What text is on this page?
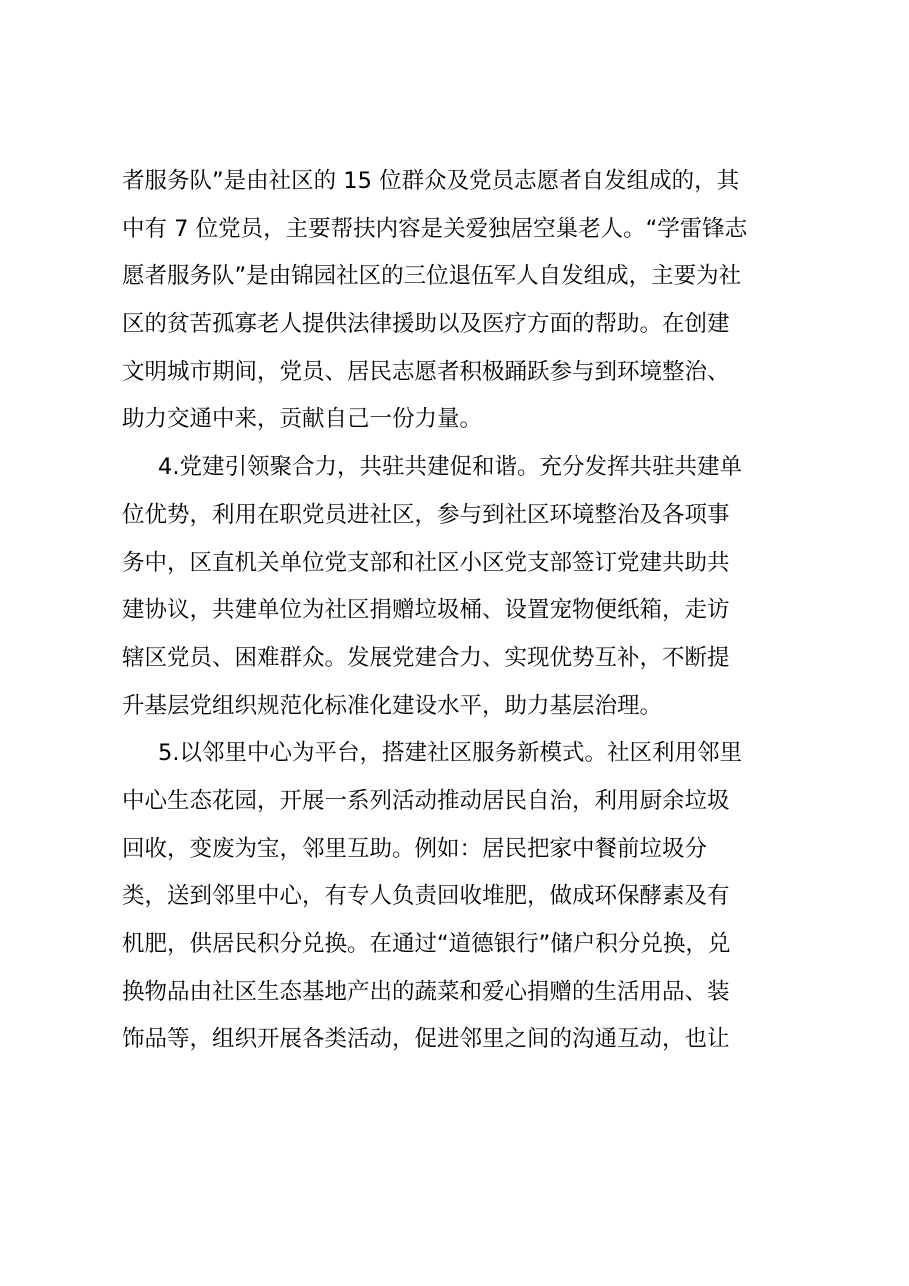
者服务队”是由社区的 15 位群众及党员志愿者自发组成的，其
中有 7 位党员，主要帮扶内容是关爱独居空巢老人。“学雷锋志
愿者服务队”是由锦园社区的三位退伍军人自发组成，主要为社
区的贫苦孤寡老人提供法律援助以及医疗方面的帮助。在创建
文明城市期间，党员、居民志愿者积极踊跃参与到环境整治、
助力交通中来，贡献自己一份力量。
4.党建引领聚合力，共驻共建促和谐。充分发挥共驻共建单
位优势，利用在职党员进社区，参与到社区环境整治及各项事
务中，区直机关单位党支部和社区小区党支部签订党建共助共
建协议，共建单位为社区捐赠垃圾桶、设置宠物便纸箱，走访
辖区党员、困难群众。发展党建合力、实现优势互补，不断提
升基层党组织规范化标准化建设水平，助力基层治理。
5.以邻里中心为平台，搭建社区服务新模式。社区利用邻里
中心生态花园，开展一系列活动推动居民自治，利用厨余垃圾
回收，变废为宝，邻里互助。例如：居民把家中餐前垃圾分
类，送到邻里中心，有专人负责回收堆肥，做成环保酵素及有
机肥，供居民积分兑换。在通过“道德银行”储户积分兑换，兑
换物品由社区生态基地产出的蔬菜和爱心捐赠的生活用品、装
饰品等，组织开展各类活动，促进邻里之间的沟通互动，也让
